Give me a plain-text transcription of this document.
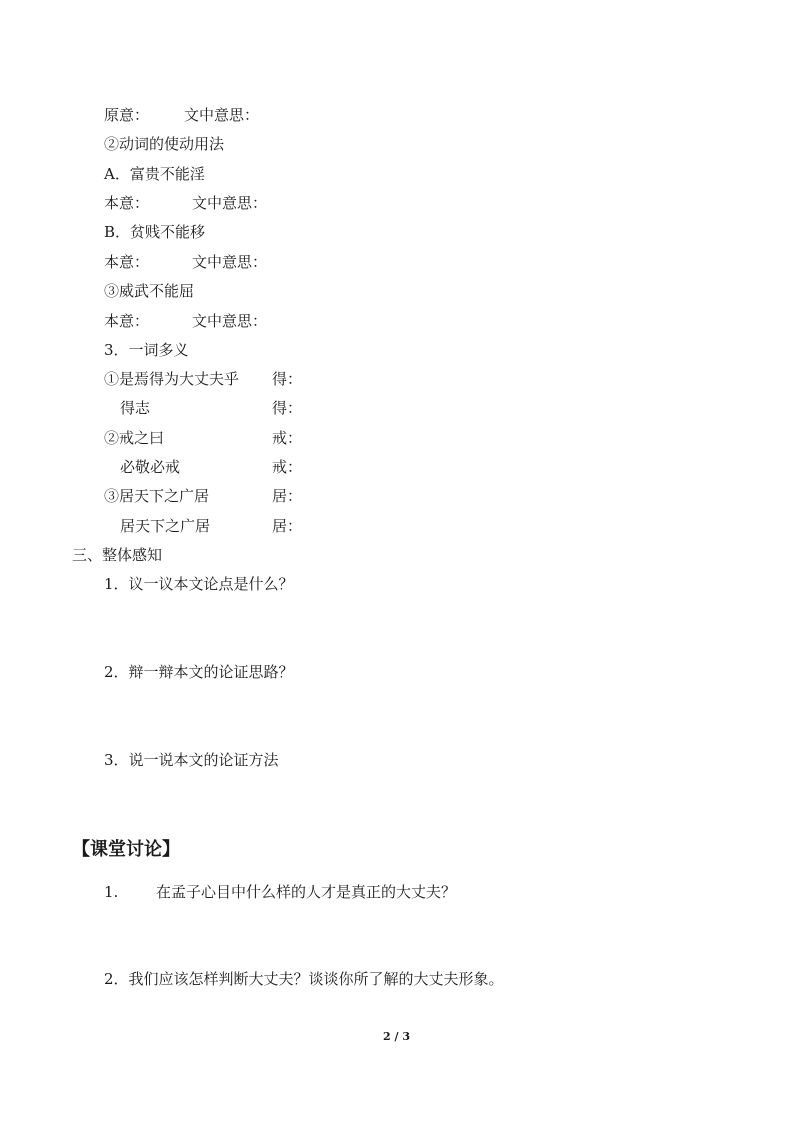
原意： 文中意思：
②动词的使动用法
A．富贵不能淫
本意：	文中意思：
B．贫贱不能移
本意：	文中意思：
③威武不能屈
本意：	文中意思：
3．一词多义
①是焉得为大丈夫乎 得：
得志	得：
②戒之曰	戒：
必敬必戒	戒：
③居天下之广居	居：
居天下之广居	居：
三、整体感知
1．议一议本文论点是什么？
2．辩一辩本文的论证思路？
3．说一说本文的论证方法
【课堂讨论】
1.	在孟子心目中什么样的人才是真正的大丈夫？
2．我们应该怎样判断大丈夫？谈谈你所了解的大丈夫形象。
2 / 3
